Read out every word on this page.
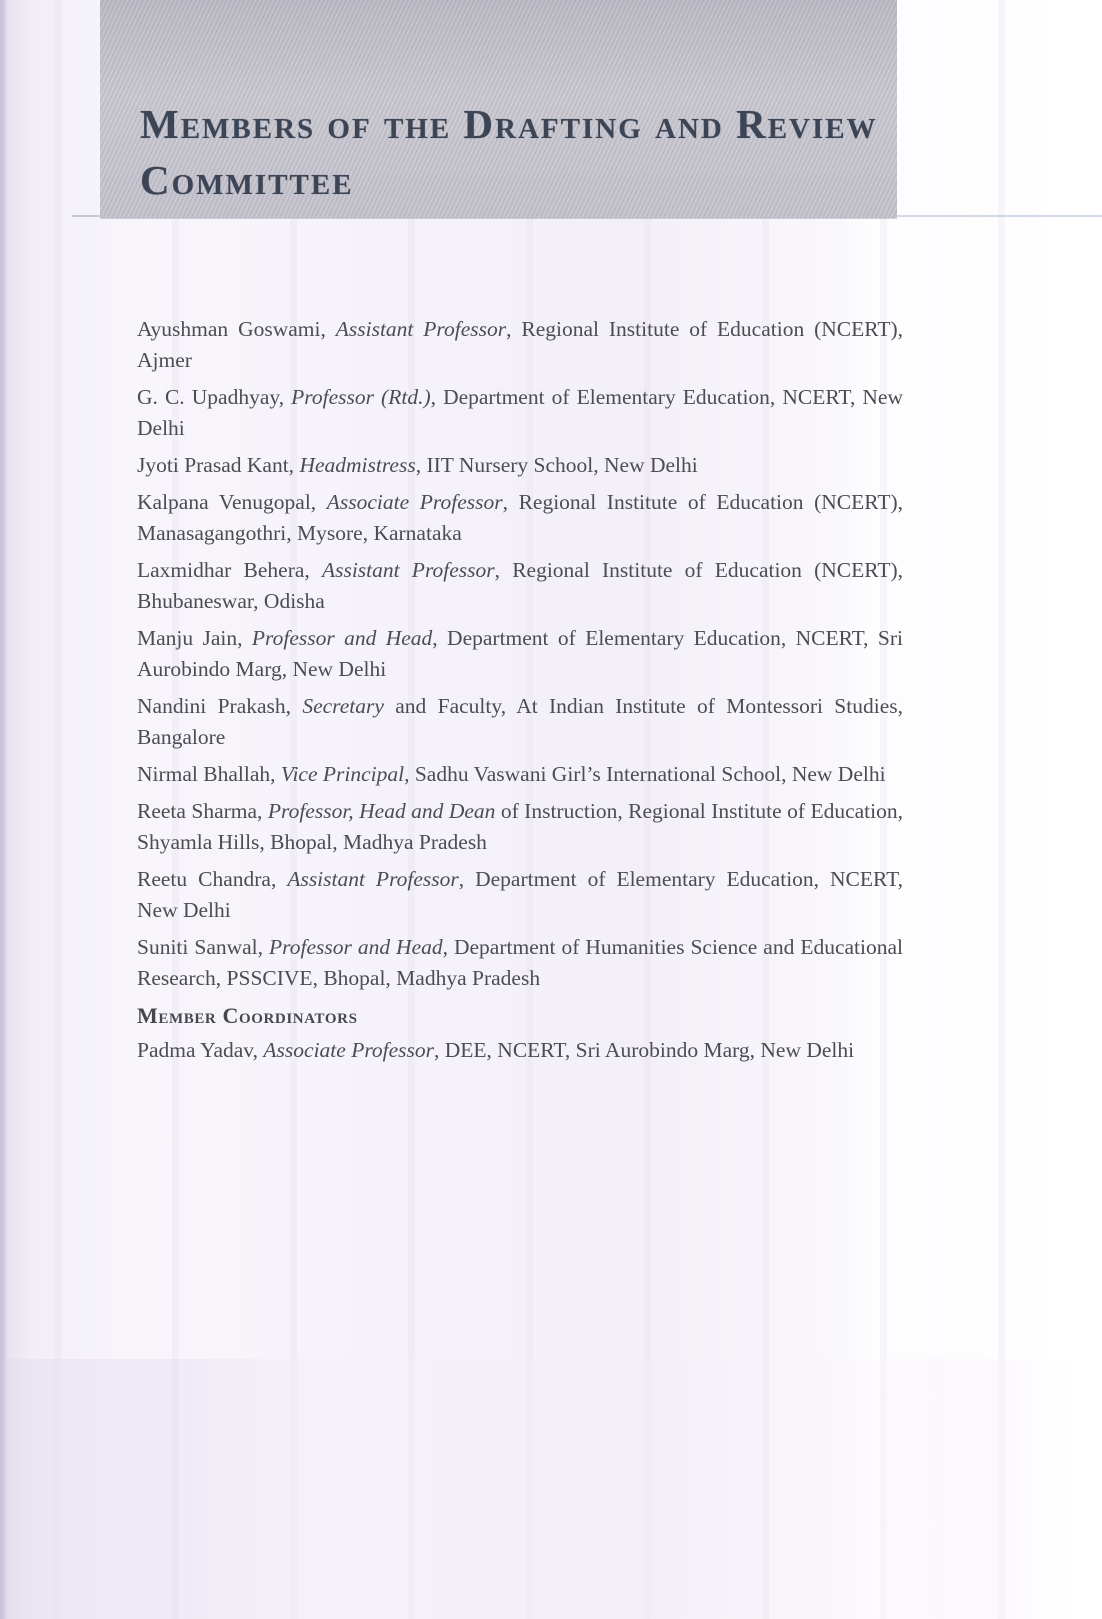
Members of the Drafting and Review
Committee

Ayushman Goswami, Assistant Professor, Regional Institute of Education (NCERT), Ajmer

G. C. Upadhyay, Professor (Rtd.), Department of Elementary Education, NCERT, New Delhi

Jyoti Prasad Kant, Headmistress, IIT Nursery School, New Delhi

Kalpana Venugopal, Associate Professor, Regional Institute of Education (NCERT), Manasagangothri, Mysore, Karnataka

Laxmidhar Behera, Assistant Professor, Regional Institute of Education (NCERT), Bhubaneswar, Odisha

Manju Jain, Professor and Head, Department of Elementary Education, NCERT, Sri Aurobindo Marg, New Delhi

Nandini Prakash, Secretary and Faculty, At Indian Institute of Montessori Studies, Bangalore

Nirmal Bhallah, Vice Principal, Sadhu Vaswani Girl’s International School, New Delhi

Reeta Sharma, Professor, Head and Dean of Instruction, Regional Institute of Education, Shyamla Hills, Bhopal, Madhya Pradesh

Reetu Chandra, Assistant Professor, Department of Elementary Education, NCERT, New Delhi

Suniti Sanwal, Professor and Head, Department of Humanities Science and Educational Research, PSSCIVE, Bhopal, Madhya Pradesh

Member Coordinators

Padma Yadav, Associate Professor, DEE, NCERT, Sri Aurobindo Marg, New Delhi
